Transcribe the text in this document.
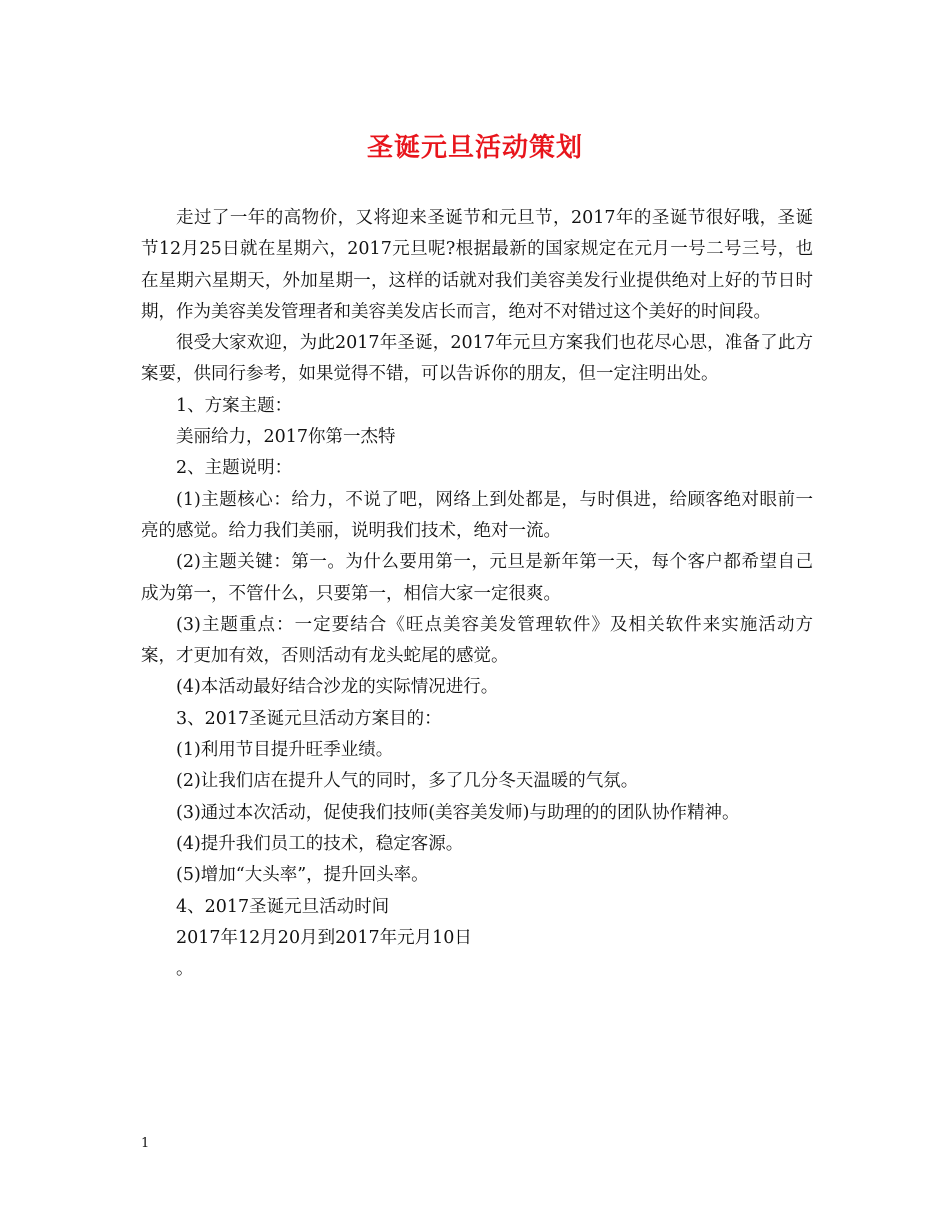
圣诞元旦活动策划

走过了一年的高物价，又将迎来圣诞节和元旦节，2017年的圣诞节很好哦，圣诞节12月25日就在星期六，2017元旦呢?根据最新的国家规定在元月一号二号三号，也在星期六星期天，外加星期一，这样的话就对我们美容美发行业提供绝对上好的节日时期，作为美容美发管理者和美容美发店长而言，绝对不对错过这个美好的时间段。

很受大家欢迎，为此2017年圣诞，2017年元旦方案我们也花尽心思，准备了此方案要，供同行参考，如果觉得不错，可以告诉你的朋友，但一定注明出处。

1、方案主题：

美丽给力，2017你第一杰特

2、主题说明：

(1)主题核心：给力，不说了吧，网络上到处都是，与时俱进，给顾客绝对眼前一亮的感觉。给力我们美丽，说明我们技术，绝对一流。

(2)主题关键：第一。为什么要用第一，元旦是新年第一天，每个客户都希望自己成为第一，不管什么，只要第一，相信大家一定很爽。

(3)主题重点：一定要结合《旺点美容美发管理软件》及相关软件来实施活动方案，才更加有效，否则活动有龙头蛇尾的感觉。

(4)本活动最好结合沙龙的实际情况进行。

3、2017圣诞元旦活动方案目的：

(1)利用节目提升旺季业绩。

(2)让我们店在提升人气的同时，多了几分冬天温暖的气氛。

(3)通过本次活动，促使我们技师(美容美发师)与助理的的团队协作精神。

(4)提升我们员工的技术，稳定客源。

(5)增加“大头率”，提升回头率。

4、2017圣诞元旦活动时间

2017年12月20月到2017年元月10日

。

1
